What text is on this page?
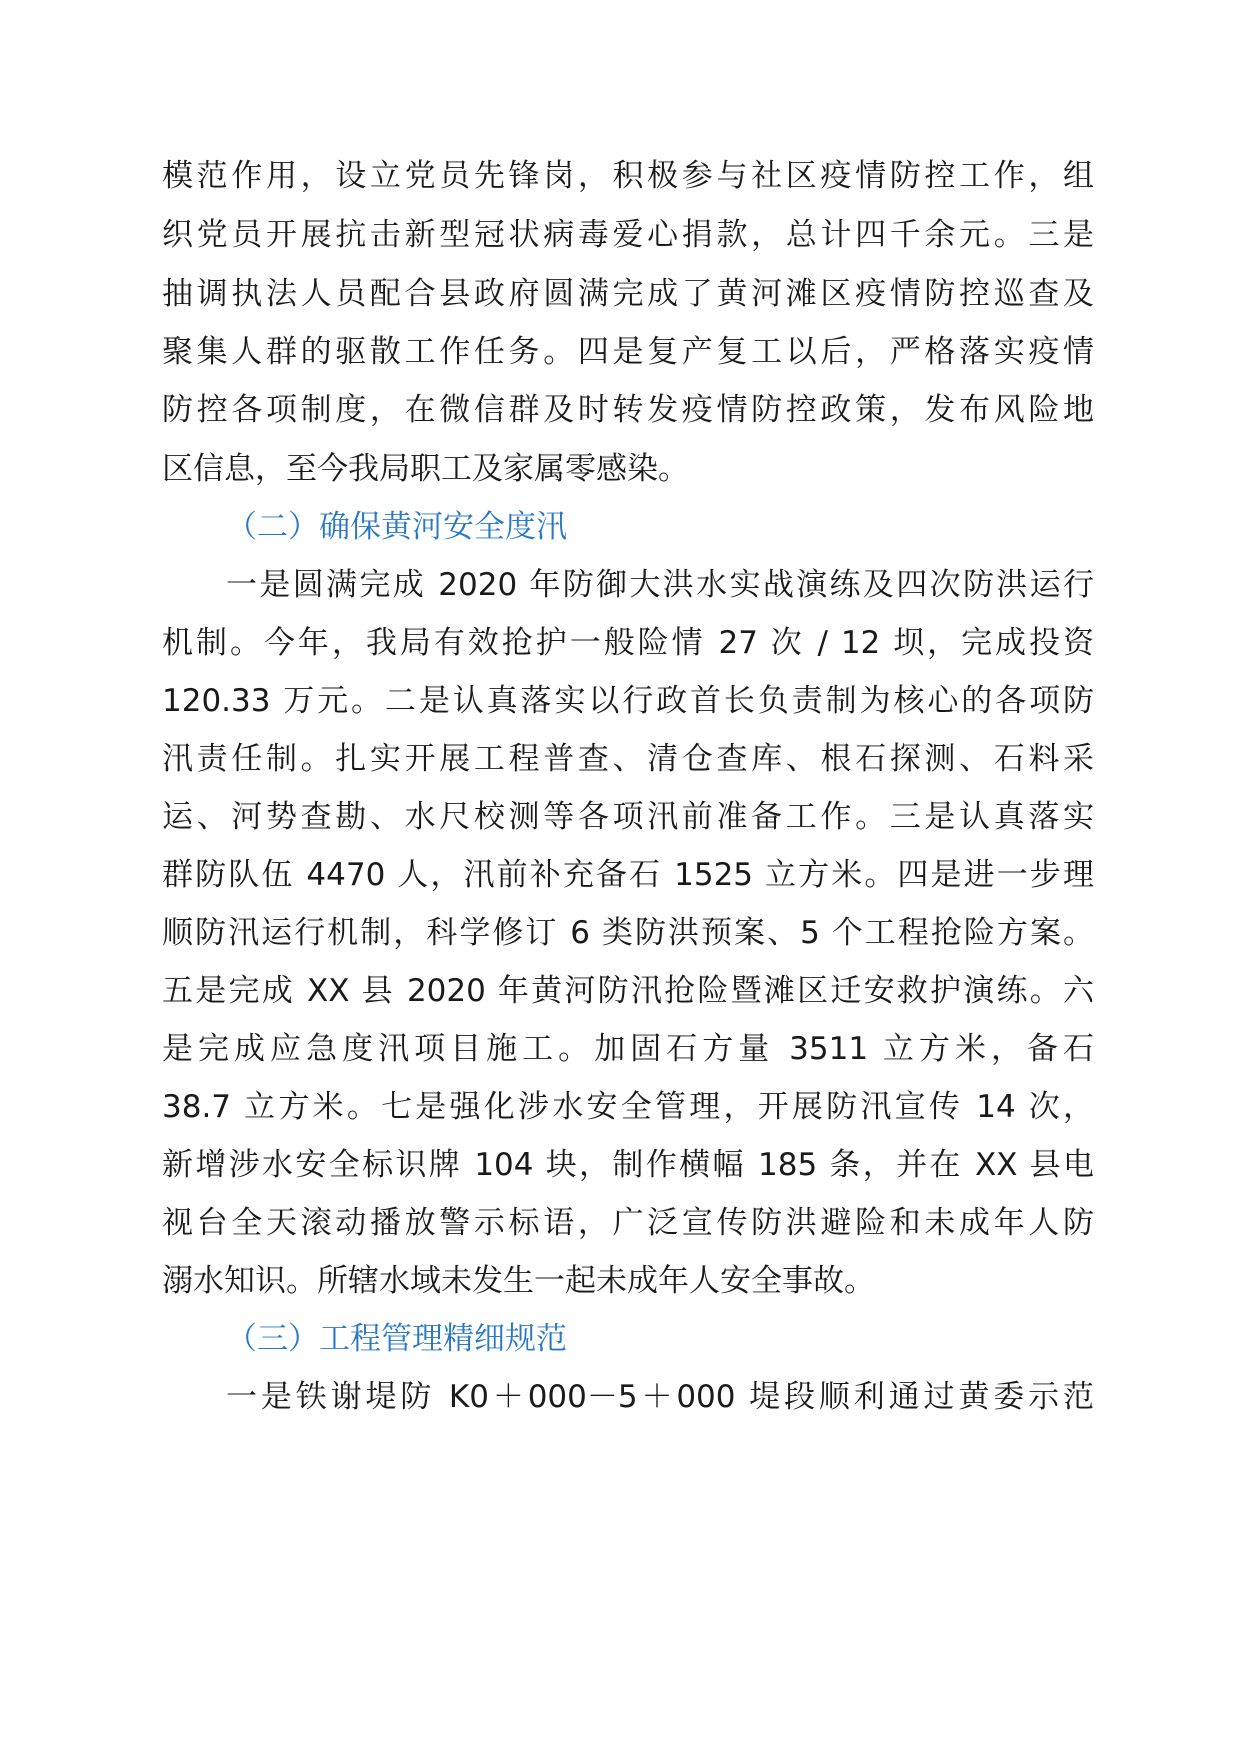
模范作用，设立党员先锋岗，积极参与社区疫情防控工作，组
织党员开展抗击新型冠状病毒爱心捐款，总计四千余元。三是
抽调执法人员配合县政府圆满完成了黄河滩区疫情防控巡查及
聚集人群的驱散工作任务。四是复产复工以后，严格落实疫情
防控各项制度，在微信群及时转发疫情防控政策，发布风险地
区信息，至今我局职工及家属零感染。
（二）确保黄河安全度汛
一是圆满完成 2020 年防御大洪水实战演练及四次防洪运行
机制。今年，我局有效抢护一般险情 27 次 / 12 坝，完成投资
120.33 万元。二是认真落实以行政首长负责制为核心的各项防
汛责任制。扎实开展工程普查、清仓查库、根石探测、石料采
运、河势查勘、水尺校测等各项汛前准备工作。三是认真落实
群防队伍 4470 人，汛前补充备石 1525 立方米。四是进一步理
顺防汛运行机制，科学修订 6 类防洪预案、5 个工程抢险方案。
五是完成 XX 县 2020 年黄河防汛抢险暨滩区迁安救护演练。六
是完成应急度汛项目施工。加固石方量 3511 立方米，备石
38.7 立方米。七是强化涉水安全管理，开展防汛宣传 14 次，
新增涉水安全标识牌 104 块，制作横幅 185 条，并在 XX 县电
视台全天滚动播放警示标语，广泛宣传防洪避险和未成年人防
溺水知识。所辖水域未发生一起未成年人安全事故。
（三）工程管理精细规范
一是铁谢堤防 K0＋000－5＋000 堤段顺利通过黄委示范
